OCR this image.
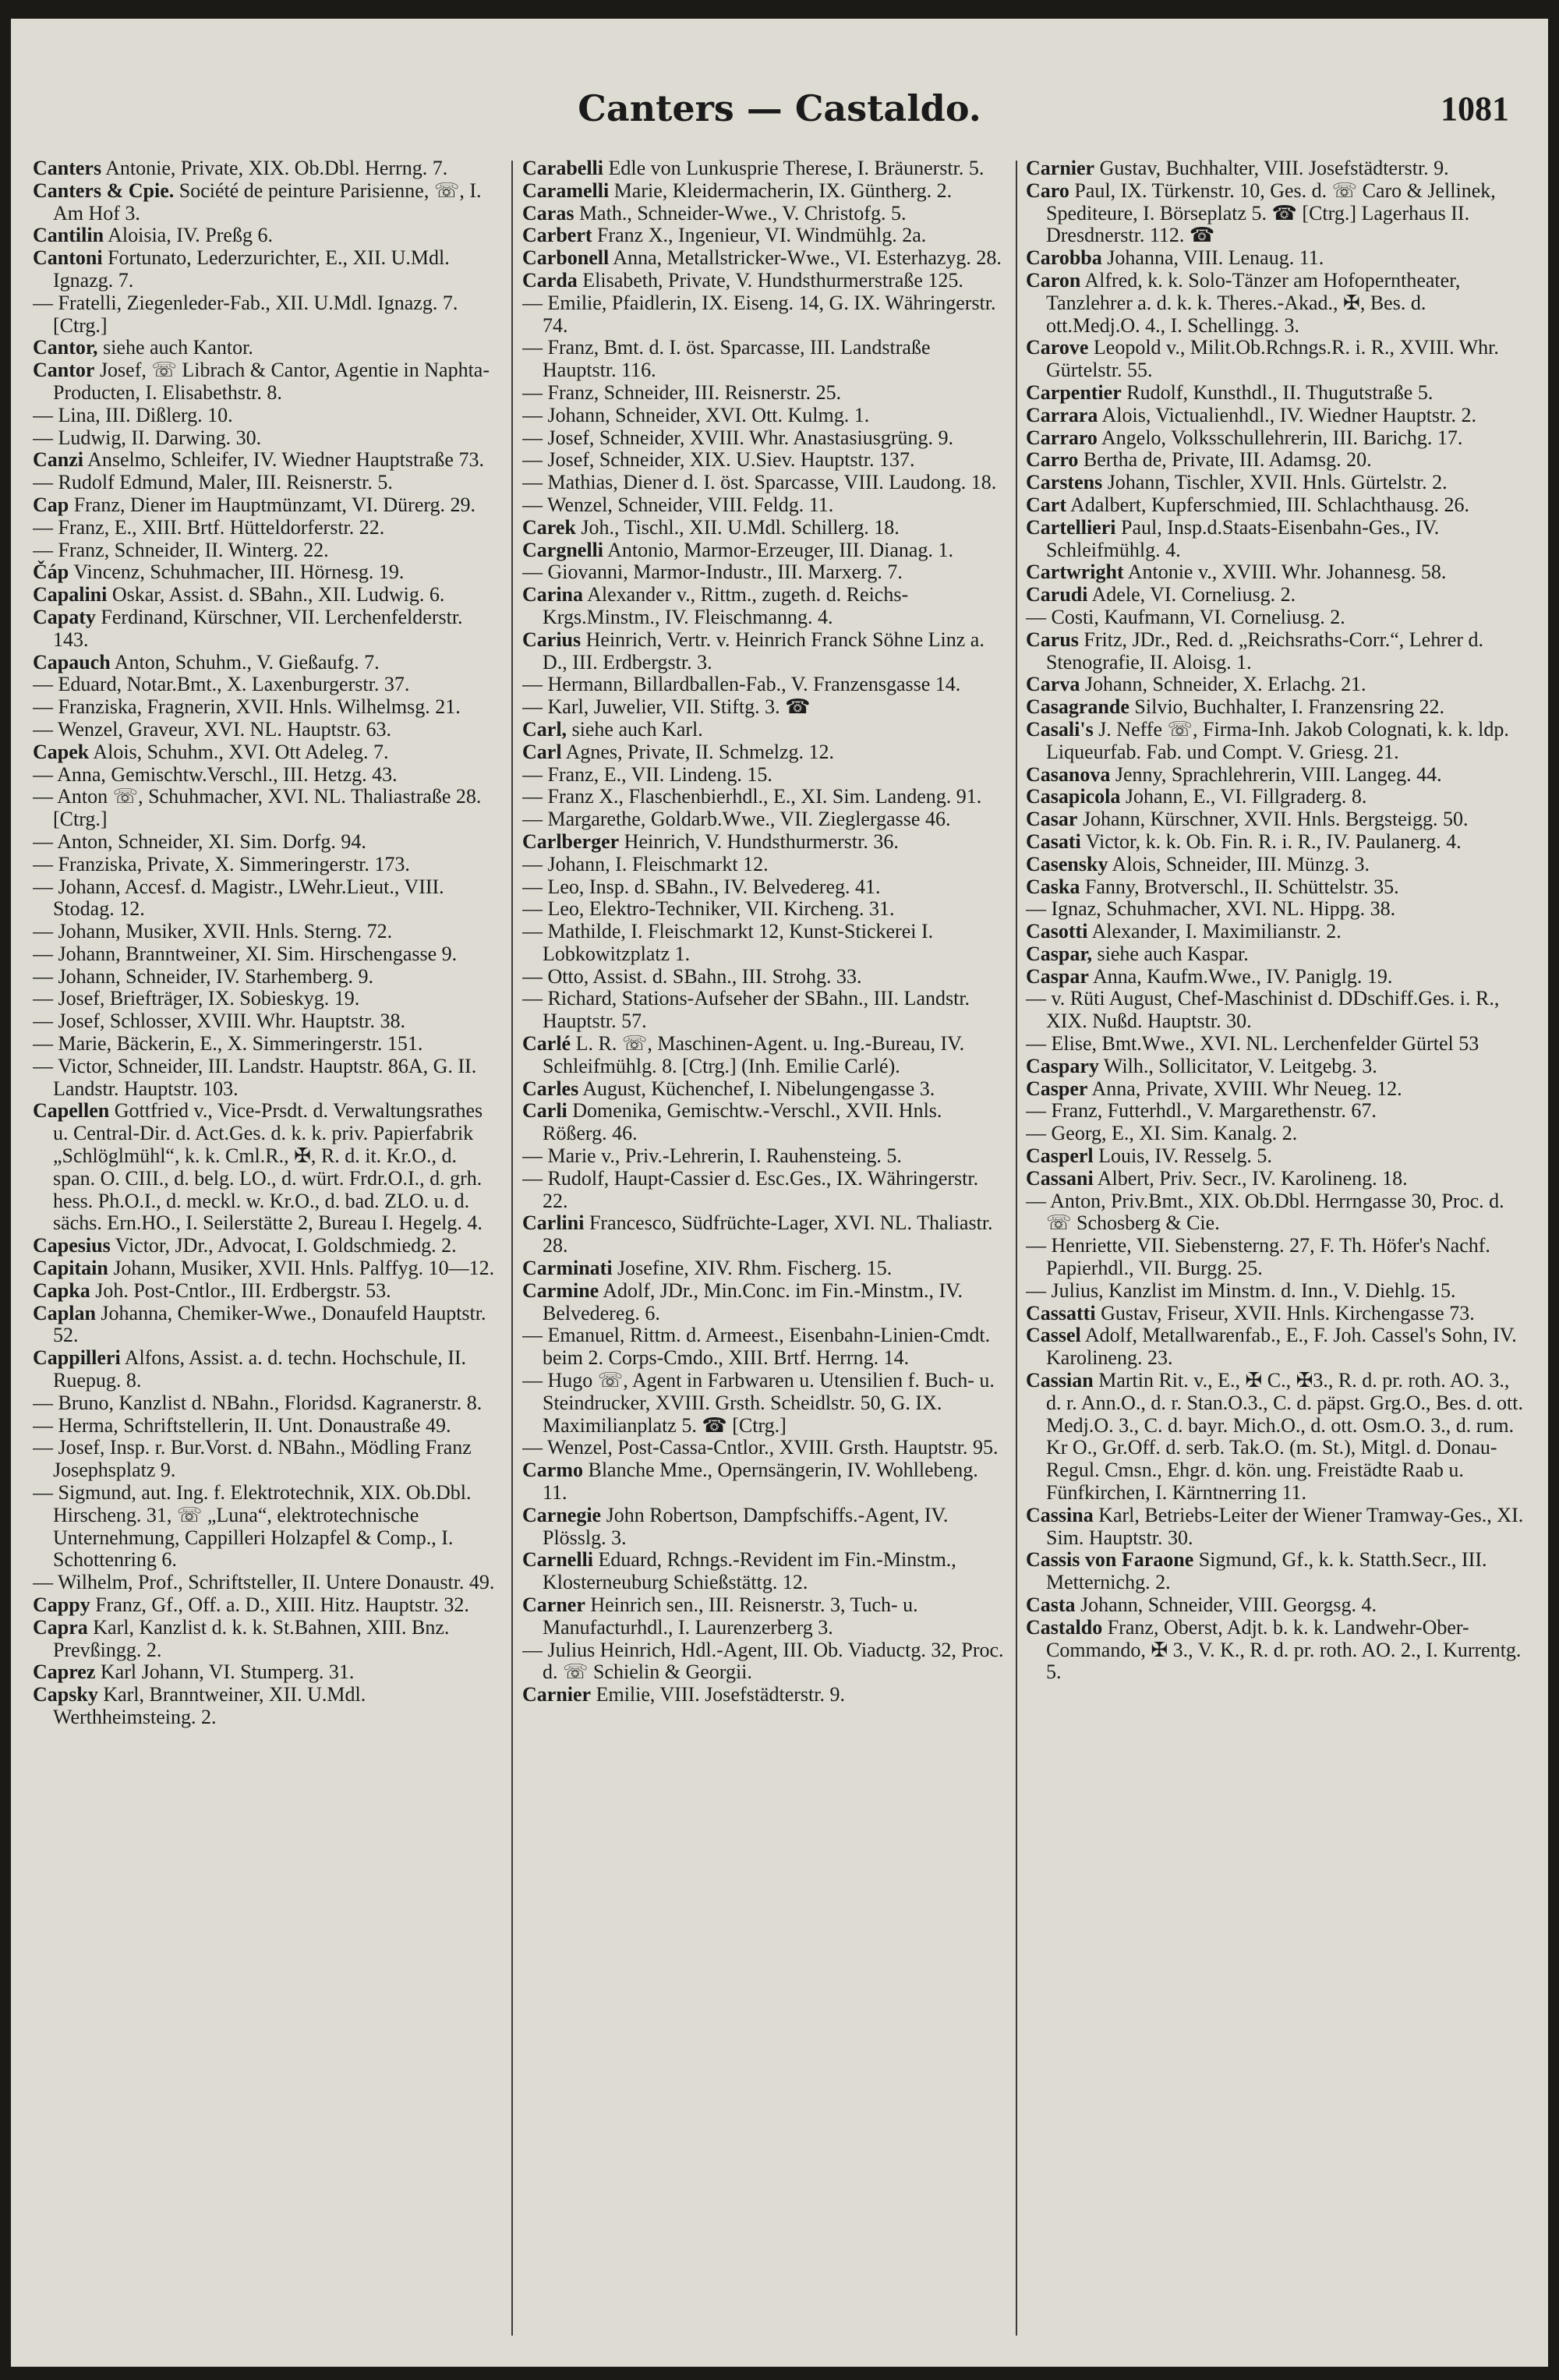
Canters — Castaldo.	1081

Canters Antonie, Private, XIX. Ob.Dbl. Herrng. 7.

Canters & Cpie. Société de peinture Parisienne, ☏, I. Am Hof 3.

Cantilin Aloisia, IV. Preßg 6.

Cantoni Fortunato, Lederzurichter, E., XII. U.Mdl. Ignazg. 7.

— Fratelli, Ziegenleder-Fab., XII. U.Mdl. Ignazg. 7. [Ctrg.]

Cantor, siehe auch Kantor.

Cantor Josef, ☏ Librach & Cantor, Agentie in Naphta-Producten, I. Elisabethstr. 8.

— Lina, III. Dißlerg. 10.

— Ludwig, II. Darwing. 30.

Canzi Anselmo, Schleifer, IV. Wiedner Hauptstraße 73.

— Rudolf Edmund, Maler, III. Reisnerstr. 5.

Cap Franz, Diener im Hauptmünzamt, VI. Dürerg. 29.

— Franz, E., XIII. Brtf. Hütteldorferstr. 22.

— Franz, Schneider, II. Winterg. 22.

Čáp Vincenz, Schuhmacher, III. Hörnesg. 19.

Capalini Oskar, Assist. d. SBahn., XII. Ludwig. 6.

Capaty Ferdinand, Kürschner, VII. Lerchenfelderstr. 143.

Capauch Anton, Schuhm., V. Gießaufg. 7.

— Eduard, Notar.Bmt., X. Laxenburgerstr. 37.

— Franziska, Fragnerin, XVII. Hnls. Wilhelmsg. 21.

— Wenzel, Graveur, XVI. NL. Hauptstr. 63.

Capek Alois, Schuhm., XVI. Ott Adeleg. 7.

— Anna, Gemischtw.Verschl., III. Hetzg. 43.

— Anton ☏, Schuhmacher, XVI. NL. Thaliastraße 28. [Ctrg.]

— Anton, Schneider, XI. Sim. Dorfg. 94.

— Franziska, Private, X. Simmeringerstr. 173.

— Johann, Accesf. d. Magistr., LWehr.Lieut., VIII. Stodag. 12.

— Johann, Musiker, XVII. Hnls. Sterng. 72.

— Johann, Branntweiner, XI. Sim. Hirschengasse 9.

— Johann, Schneider, IV. Starhemberg. 9.

— Josef, Briefträger, IX. Sobieskyg. 19.

— Josef, Schlosser, XVIII. Whr. Hauptstr. 38.

— Marie, Bäckerin, E., X. Simmeringerstr. 151.

— Victor, Schneider, III. Landstr. Hauptstr. 86A, G. II. Landstr. Hauptstr. 103.

Capellen Gottfried v., Vice-Prsdt. d. Verwaltungsrathes u. Central-Dir. d. Act.Ges. d. k. k. priv. Papierfabrik „Schlöglmühl“, k. k. Cml.R., ✠, R. d. it. Kr.O., d. span. O. CIII., d. belg. LO., d. würt. Frdr.O.I., d. grh. hess. Ph.O.I., d. meckl. w. Kr.O., d. bad. ZLO. u. d. sächs. Ern.HO., I. Seilerstätte 2, Bureau I. Hegelg. 4.

Capesius Victor, JDr., Advocat, I. Goldschmiedg. 2.

Capitain Johann, Musiker, XVII. Hnls. Palffyg. 10—12.

Capka Joh. Post-Cntlor., III. Erdbergstr. 53.

Caplan Johanna, Chemiker-Wwe., Donaufeld Hauptstr. 52.

Cappilleri Alfons, Assist. a. d. techn. Hochschule, II. Ruepug. 8.

— Bruno, Kanzlist d. NBahn., Floridsd. Kagranerstr. 8.

— Herma, Schriftstellerin, II. Unt. Donaustraße 49.

— Josef, Insp. r. Bur.Vorst. d. NBahn., Mödling Franz Josephsplatz 9.

— Sigmund, aut. Ing. f. Elektrotechnik, XIX. Ob.Dbl. Hirscheng. 31, ☏ „Luna“, elektrotechnische Unternehmung, Cappilleri Holzapfel & Comp., I. Schottenring 6.

— Wilhelm, Prof., Schriftsteller, II. Untere Donaustr. 49.

Cappy Franz, Gf., Off. a. D., XIII. Hitz. Hauptstr. 32.

Capra Karl, Kanzlist d. k. k. St.Bahnen, XIII. Bnz. Prevßingg. 2.

Caprez Karl Johann, VI. Stumperg. 31.

Capsky Karl, Branntweiner, XII. U.Mdl. Werthheimsteing. 2.

Carabelli Edle von Lunkusprie Therese, I. Bräunerstr. 5.

Caramelli Marie, Kleidermacherin, IX. Güntherg. 2.

Caras Math., Schneider-Wwe., V. Christofg. 5.

Carbert Franz X., Ingenieur, VI. Windmühlg. 2a.

Carbonell Anna, Metallstricker-Wwe., VI. Esterhazyg. 28.

Carda Elisabeth, Private, V. Hundsthurmerstraße 125.

— Emilie, Pfaidlerin, IX. Eiseng. 14, G. IX. Währingerstr. 74.

— Franz, Bmt. d. I. öst. Sparcasse, III. Landstraße Hauptstr. 116.

— Franz, Schneider, III. Reisnerstr. 25.

— Johann, Schneider, XVI. Ott. Kulmg. 1.

— Josef, Schneider, XVIII. Whr. Anastasiusgrüng. 9.

— Josef, Schneider, XIX. U.Siev. Hauptstr. 137.

— Mathias, Diener d. I. öst. Sparcasse, VIII. Laudong. 18.

— Wenzel, Schneider, VIII. Feldg. 11.

Carek Joh., Tischl., XII. U.Mdl. Schillerg. 18.

Cargnelli Antonio, Marmor-Erzeuger, III. Dianag. 1.

— Giovanni, Marmor-Industr., III. Marxerg. 7.

Carina Alexander v., Rittm., zugeth. d. Reichs-Krgs.Minstm., IV. Fleischmanng. 4.

Carius Heinrich, Vertr. v. Heinrich Franck Söhne Linz a. D., III. Erdbergstr. 3.

— Hermann, Billardballen-Fab., V. Franzensgasse 14.

— Karl, Juwelier, VII. Stiftg. 3. ☎

Carl, siehe auch Karl.

Carl Agnes, Private, II. Schmelzg. 12.

— Franz, E., VII. Lindeng. 15.

— Franz X., Flaschenbierhdl., E., XI. Sim. Landeng. 91.

— Margarethe, Goldarb.Wwe., VII. Zieglergasse 46.

Carlberger Heinrich, V. Hundsthurmerstr. 36.

— Johann, I. Fleischmarkt 12.

— Leo, Insp. d. SBahn., IV. Belvedereg. 41.

— Leo, Elektro-Techniker, VII. Kircheng. 31.

— Mathilde, I. Fleischmarkt 12, Kunst-Stickerei I. Lobkowitzplatz 1.

— Otto, Assist. d. SBahn., III. Strohg. 33.

— Richard, Stations-Aufseher der SBahn., III. Landstr. Hauptstr. 57.

Carlé L. R. ☏, Maschinen-Agent. u. Ing.-Bureau, IV. Schleifmühlg. 8. [Ctrg.] (Inh. Emilie Carlé).

Carles August, Küchenchef, I. Nibelungengasse 3.

Carli Domenika, Gemischtw.-Verschl., XVII. Hnls. Rößerg. 46.

— Marie v., Priv.-Lehrerin, I. Rauhensteing. 5.

— Rudolf, Haupt-Cassier d. Esc.Ges., IX. Währingerstr. 22.

Carlini Francesco, Südfrüchte-Lager, XVI. NL. Thaliastr. 28.

Carminati Josefine, XIV. Rhm. Fischerg. 15.

Carmine Adolf, JDr., Min.Conc. im Fin.-Minstm., IV. Belvedereg. 6.

— Emanuel, Rittm. d. Armeest., Eisenbahn-Linien-Cmdt. beim 2. Corps-Cmdo., XIII. Brtf. Herrng. 14.

— Hugo ☏, Agent in Farbwaren u. Utensilien f. Buch- u. Steindrucker, XVIII. Grsth. Scheidlstr. 50, G. IX. Maximilianplatz 5. ☎ [Ctrg.]

— Wenzel, Post-Cassa-Cntlor., XVIII. Grsth. Hauptstr. 95.

Carmo Blanche Mme., Opernsängerin, IV. Wohllebeng. 11.

Carnegie John Robertson, Dampfschiffs.-Agent, IV. Plösslg. 3.

Carnelli Eduard, Rchngs.-Revident im Fin.-Minstm., Klosterneuburg Schießstättg. 12.

Carner Heinrich sen., III. Reisnerstr. 3, Tuch- u. Manufacturhdl., I. Laurenzerberg 3.

— Julius Heinrich, Hdl.-Agent, III. Ob. Viaductg. 32, Proc. d. ☏ Schielin & Georgii.

Carnier Emilie, VIII. Josefstädterstr. 9.

Carnier Gustav, Buchhalter, VIII. Josefstädterstr. 9.

Caro Paul, IX. Türkenstr. 10, Ges. d. ☏ Caro & Jellinek, Spediteure, I. Börseplatz 5. ☎ [Ctrg.] Lagerhaus II. Dresdnerstr. 112. ☎

Carobba Johanna, VIII. Lenaug. 11.

Caron Alfred, k. k. Solo-Tänzer am Hofoperntheater, Tanzlehrer a. d. k. k. Theres.-Akad., ✠, Bes. d. ott.Medj.O. 4., I. Schellingg. 3.

Carove Leopold v., Milit.Ob.Rchngs.R. i. R., XVIII. Whr. Gürtelstr. 55.

Carpentier Rudolf, Kunsthdl., II. Thugutstraße 5.

Carrara Alois, Victualienhdl., IV. Wiedner Hauptstr. 2.

Carraro Angelo, Volksschullehrerin, III. Barichg. 17.

Carro Bertha de, Private, III. Adamsg. 20.

Carstens Johann, Tischler, XVII. Hnls. Gürtelstr. 2.

Cart Adalbert, Kupferschmied, III. Schlachthausg. 26.

Cartellieri Paul, Insp.d.Staats-Eisenbahn-Ges., IV. Schleifmühlg. 4.

Cartwright Antonie v., XVIII. Whr. Johannesg. 58.

Carudi Adele, VI. Corneliusg. 2.

— Costi, Kaufmann, VI. Corneliusg. 2.

Carus Fritz, JDr., Red. d. „Reichsraths-Corr.“, Lehrer d. Stenografie, II. Aloisg. 1.

Carva Johann, Schneider, X. Erlachg. 21.

Casagrande Silvio, Buchhalter, I. Franzensring 22.

Casali's J. Neffe ☏, Firma-Inh. Jakob Colognati, k. k. ldp. Liqueurfab. Fab. und Compt. V. Griesg. 21.

Casanova Jenny, Sprachlehrerin, VIII. Langeg. 44.

Casapicola Johann, E., VI. Fillgraderg. 8.

Casar Johann, Kürschner, XVII. Hnls. Bergsteigg. 50.

Casati Victor, k. k. Ob. Fin. R. i. R., IV. Paulanerg. 4.

Casensky Alois, Schneider, III. Münzg. 3.

Caska Fanny, Brotverschl., II. Schüttelstr. 35.

— Ignaz, Schuhmacher, XVI. NL. Hippg. 38.

Casotti Alexander, I. Maximilianstr. 2.

Caspar, siehe auch Kaspar.

Caspar Anna, Kaufm.Wwe., IV. Paniglg. 19.

— v. Rüti August, Chef-Maschinist d. DDschiff.Ges. i. R., XIX. Nußd. Hauptstr. 30.

— Elise, Bmt.Wwe., XVI. NL. Lerchenfelder Gürtel 53

Caspary Wilh., Sollicitator, V. Leitgebg. 3.

Casper Anna, Private, XVIII. Whr Neueg. 12.

— Franz, Futterhdl., V. Margarethenstr. 67.

— Georg, E., XI. Sim. Kanalg. 2.

Casperl Louis, IV. Resselg. 5.

Cassani Albert, Priv. Secr., IV. Karolineng. 18.

— Anton, Priv.Bmt., XIX. Ob.Dbl. Herrngasse 30, Proc. d. ☏ Schosberg & Cie.

— Henriette, VII. Siebensterng. 27, F. Th. Höfer's Nachf. Papierhdl., VII. Burgg. 25.

— Julius, Kanzlist im Minstm. d. Inn., V. Diehlg. 15.

Cassatti Gustav, Friseur, XVII. Hnls. Kirchengasse 73.

Cassel Adolf, Metallwarenfab., E., F. Joh. Cassel's Sohn, IV. Karolineng. 23.

Cassian Martin Rit. v., E., ✠ C., ✠3., R. d. pr. roth. AO. 3., d. r. Ann.O., d. r. Stan.O.3., C. d. päpst. Grg.O., Bes. d. ott. Medj.O. 3., C. d. bayr. Mich.O., d. ott. Osm.O. 3., d. rum. Kr O., Gr.Off. d. serb. Tak.O. (m. St.), Mitgl. d. Donau-Regul. Cmsn., Ehgr. d. kön. ung. Freistädte Raab u. Fünfkirchen, I. Kärntnerring 11.

Cassina Karl, Betriebs-Leiter der Wiener Tramway-Ges., XI. Sim. Hauptstr. 30.

Cassis von Faraone Sigmund, Gf., k. k. Statth.Secr., III. Metternichg. 2.

Casta Johann, Schneider, VIII. Georgsg. 4.

Castaldo Franz, Oberst, Adjt. b. k. k. Landwehr-Ober-Commando, ✠ 3., V. K., R. d. pr. roth. AO. 2., I. Kurrentg. 5.
